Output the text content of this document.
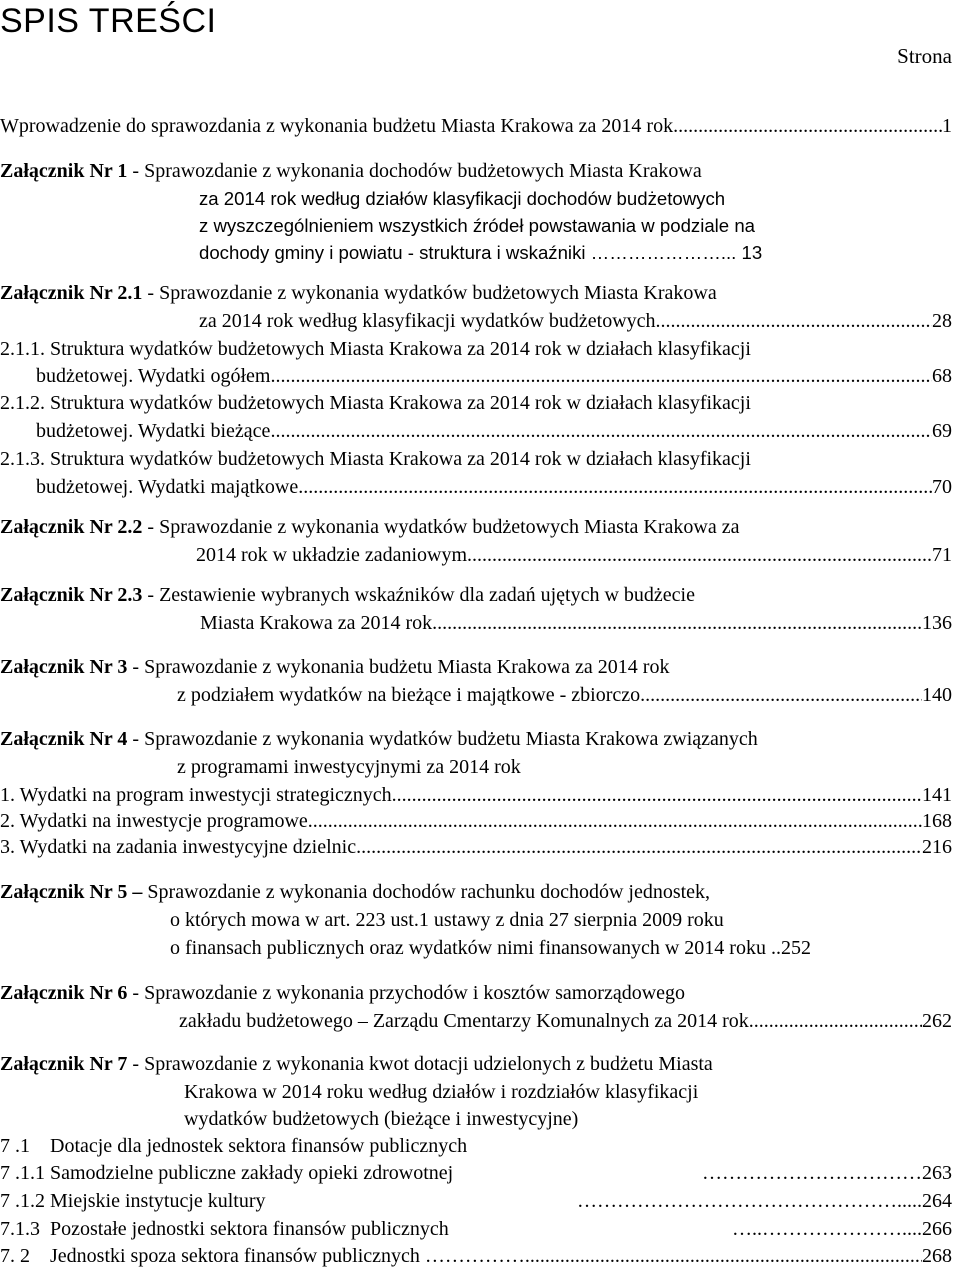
SPIS TREŚCI
Strona
Wprowadzenie do sprawozdania z wykonania budżetu Miasta Krakowa za 2014 rok .....	1
Załącznik Nr 1 - Sprawozdanie z wykonania dochodów budżetowych Miasta Krakowa
za 2014 rok według działów klasyfikacji dochodów budżetowych
z wyszczególnieniem wszystkich źródeł powstawania w podziale na
dochody gminy i powiatu - struktura i wskaźniki …………………... 13
Załącznik Nr 2.1 - Sprawozdanie z wykonania wydatków budżetowych Miasta Krakowa
za 2014 rok według klasyfikacji wydatków budżetowych .....	28
2.1.1. Struktura wydatków budżetowych Miasta Krakowa za 2014 rok w działach klasyfikacji
budżetowej. Wydatki ogółem .....	68
2.1.2. Struktura wydatków budżetowych Miasta Krakowa za 2014 rok w działach klasyfikacji
budżetowej. Wydatki bieżące .....	69
2.1.3. Struktura wydatków budżetowych Miasta Krakowa za 2014 rok w działach klasyfikacji
budżetowej. Wydatki majątkowe .....	70
Załącznik Nr 2.2 - Sprawozdanie z wykonania wydatków budżetowych Miasta Krakowa za
2014 rok w układzie zadaniowym .....	71
Załącznik Nr 2.3 - Zestawienie wybranych wskaźników dla zadań ujętych w budżecie
Miasta Krakowa za 2014 rok .....	136
Załącznik Nr 3 - Sprawozdanie z wykonania budżetu Miasta Krakowa za 2014 rok
z podziałem wydatków na bieżące i majątkowe - zbiorczo .....	140
Załącznik Nr 4 - Sprawozdanie z wykonania wydatków budżetu Miasta Krakowa związanych
z programami inwestycyjnymi za 2014 rok
1. Wydatki na program inwestycji strategicznych .....	141
2. Wydatki na inwestycje programowe .....	168
3. Wydatki na zadania inwestycyjne dzielnic .....	216
Załącznik Nr 5 – Sprawozdanie z wykonania dochodów rachunku dochodów jednostek,
o których mowa w art. 223 ust.1 ustawy z dnia 27 sierpnia 2009 roku
o finansach publicznych oraz wydatków nimi finansowanych w 2014 roku ..252
Załącznik Nr 6 - Sprawozdanie z wykonania przychodów i kosztów samorządowego
zakładu budżetowego – Zarządu Cmentarzy Komunalnych za 2014 rok .....	262
Załącznik Nr 7 - Sprawozdanie z wykonania kwot dotacji udzielonych z budżetu Miasta
Krakowa w 2014 roku według działów i rozdziałów klasyfikacji
wydatków budżetowych (bieżące i inwestycyjne)
7 .1    Dotacje dla jednostek sektora finansów publicznych
7 .1.1 Samodzielne publiczne zakłady opieki zdrowotnej	…………………………… 263
7 .1.2 Miejskie instytucje kultury	…………………………………………. ....264
7.1.3  Pozostałe jednostki sektora finansów publicznych	…..…………………. ...266
7. 2    Jednostki spoza sektora finansów publicznych …………… .....	268
